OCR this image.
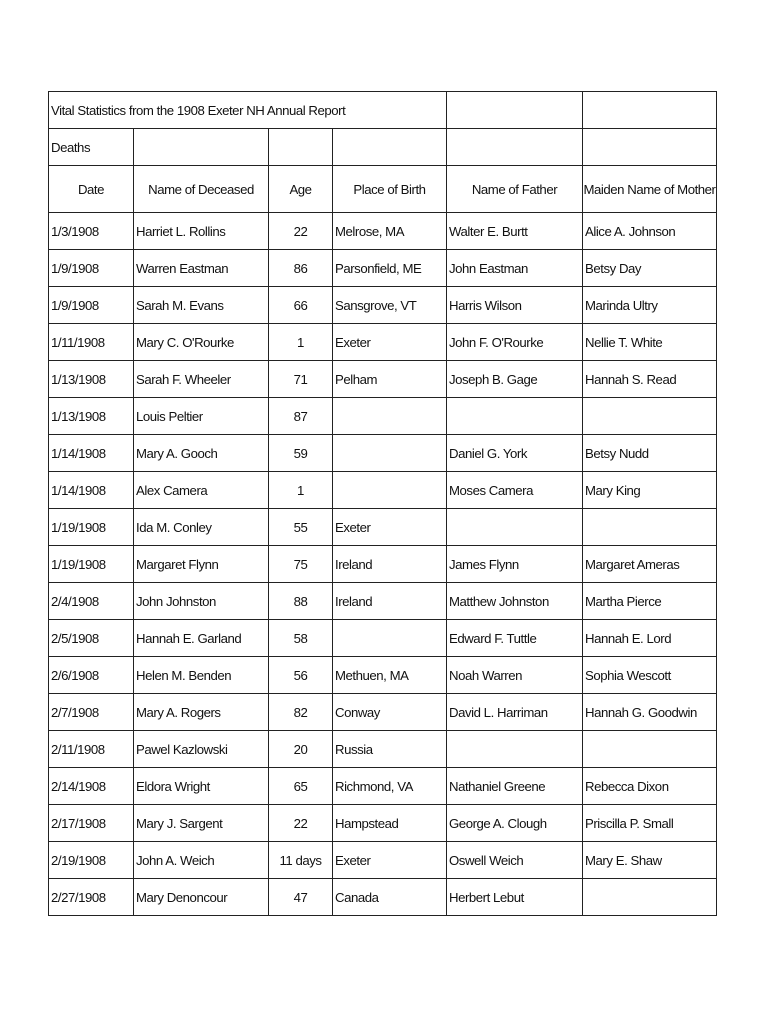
Vital Statistics from the 1908 Exeter NH Annual Report					
Deaths					
Date	Name of Deceased	Age	Place of Birth	Name of Father	Maiden Name of Mother
1/3/1908	Harriet L. Rollins	22	Melrose, MA	Walter E. Burtt	Alice A. Johnson
1/9/1908	Warren Eastman	86	Parsonfield, ME	John Eastman	Betsy Day
1/9/1908	Sarah M. Evans	66	Sansgrove, VT	Harris Wilson	Marinda Ultry
1/11/1908	Mary C. O'Rourke	1	Exeter	John F. O'Rourke	Nellie T. White
1/13/1908	Sarah F. Wheeler	71	Pelham	Joseph B. Gage	Hannah S. Read
1/13/1908	Louis Peltier	87			
1/14/1908	Mary A. Gooch	59		Daniel G. York	Betsy Nudd
1/14/1908	Alex Camera	1		Moses Camera	Mary King
1/19/1908	Ida M. Conley	55	Exeter		
1/19/1908	Margaret Flynn	75	Ireland	James Flynn	Margaret Ameras
2/4/1908	John Johnston	88	Ireland	Matthew Johnston	Martha Pierce
2/5/1908	Hannah E. Garland	58		Edward F. Tuttle	Hannah E. Lord
2/6/1908	Helen M. Benden	56	Methuen, MA	Noah Warren	Sophia Wescott
2/7/1908	Mary A. Rogers	82	Conway	David L. Harriman	Hannah G. Goodwin
2/11/1908	Pawel Kazlowski	20	Russia		
2/14/1908	Eldora Wright	65	Richmond, VA	Nathaniel Greene	Rebecca Dixon
2/17/1908	Mary J. Sargent	22	Hampstead	George A. Clough	Priscilla P. Small
2/19/1908	John A. Weich	11 days	Exeter	Oswell Weich	Mary E. Shaw
2/27/1908	Mary Denoncour	47	Canada	Herbert Lebut	
